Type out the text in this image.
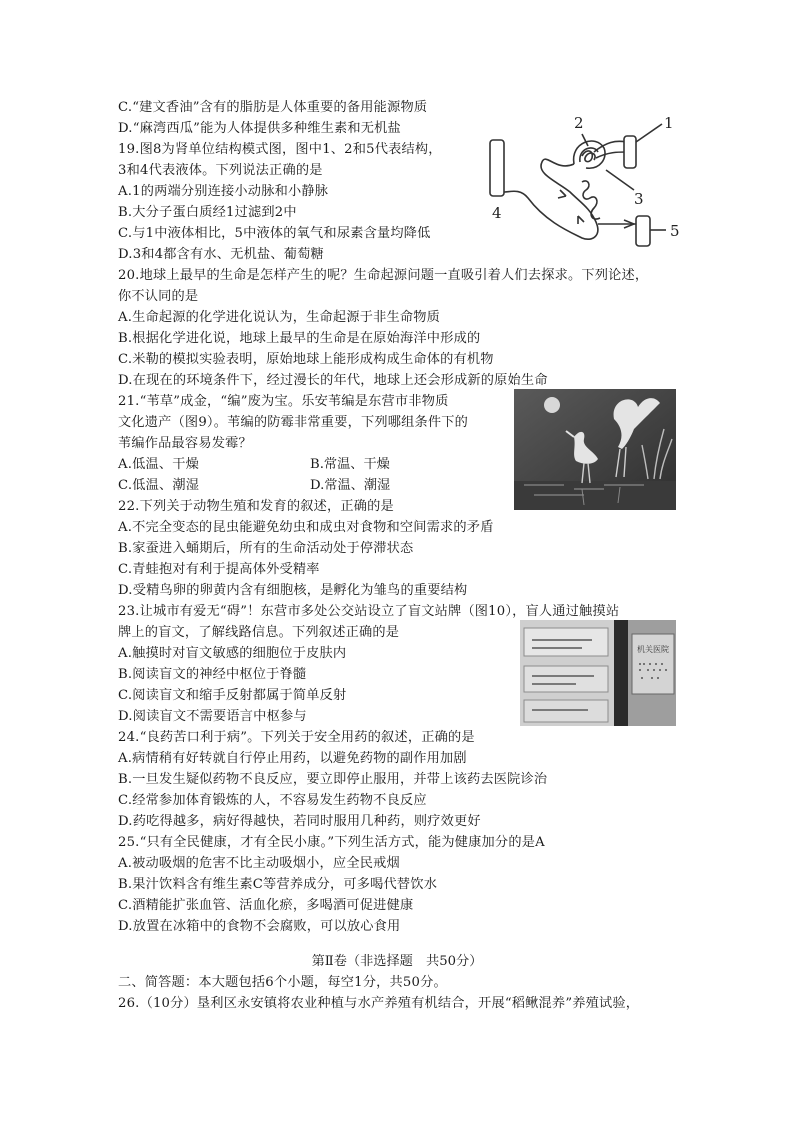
C.“建文香油”含有的脂肪是人体重要的备用能源物质
D.“麻湾西瓜”能为人体提供多种维生素和无机盐
19.图8为肾单位结构模式图，图中1、2和5代表结构，
3和4代表液体。下列说法正确的是
A.1的两端分别连接小动脉和小静脉
B.大分子蛋白质经1过滤到2中
C.与1中液体相比，5中液体的氧气和尿素含量均降低
D.3和4都含有水、无机盐、葡萄糖
1
2
3
4
5
20.地球上最早的生命是怎样产生的呢？生命起源问题一直吸引着人们去探求。下列论述，
你不认同的是
A.生命起源的化学进化说认为，生命起源于非生命物质
B.根据化学进化说，地球上最早的生命是在原始海洋中形成的
C.米勒的模拟实验表明，原始地球上能形成构成生命体的有机物
D.在现在的环境条件下，经过漫长的年代，地球上还会形成新的原始生命
21.“苇草”成金，“编”废为宝。乐安苇编是东营市非物质
文化遗产（图9）。苇编的防霉非常重要，下列哪组条件下的
苇编作品最容易发霉？
A.低温、干燥	B.常温、干燥
C.低温、潮湿	D.常温、潮湿
22.下列关于动物生殖和发育的叙述，正确的是
A.不完全变态的昆虫能避免幼虫和成虫对食物和空间需求的矛盾
B.家蚕进入蛹期后，所有的生命活动处于停滞状态
C.青蛙抱对有利于提高体外受精率
D.受精鸟卵的卵黄内含有细胞核，是孵化为雏鸟的重要结构
23.让城市有爱无“碍”！东营市多处公交站设立了盲文站牌（图10），盲人通过触摸站
牌上的盲文，了解线路信息。下列叙述正确的是
A.触摸时对盲文敏感的细胞位于皮肤内
B.阅读盲文的神经中枢位于脊髓
C.阅读盲文和缩手反射都属于简单反射
D.阅读盲文不需要语言中枢参与
机关医院
24.“良药苦口利于病”。下列关于安全用药的叙述，正确的是
A.病情稍有好转就自行停止用药，以避免药物的副作用加剧
B.一旦发生疑似药物不良反应，要立即停止服用，并带上该药去医院诊治
C.经常参加体育锻炼的人，不容易发生药物不良反应
D.药吃得越多，病好得越快，若同时服用几种药，则疗效更好
25.“只有全民健康，才有全民小康。”下列生活方式，能为健康加分的是A
A.被动吸烟的危害不比主动吸烟小，应全民戒烟
B.果汁饮料含有维生素C等营养成分，可多喝代替饮水
C.酒精能扩张血管、活血化瘀，多喝酒可促进健康
D.放置在冰箱中的食物不会腐败，可以放心食用
第Ⅱ卷（非选择题　共50分）
二、简答题：本大题包括6个小题，每空1分，共50分。
26.（10分）垦利区永安镇将农业种植与水产养殖有机结合，开展“稻鳅混养”养殖试验，
